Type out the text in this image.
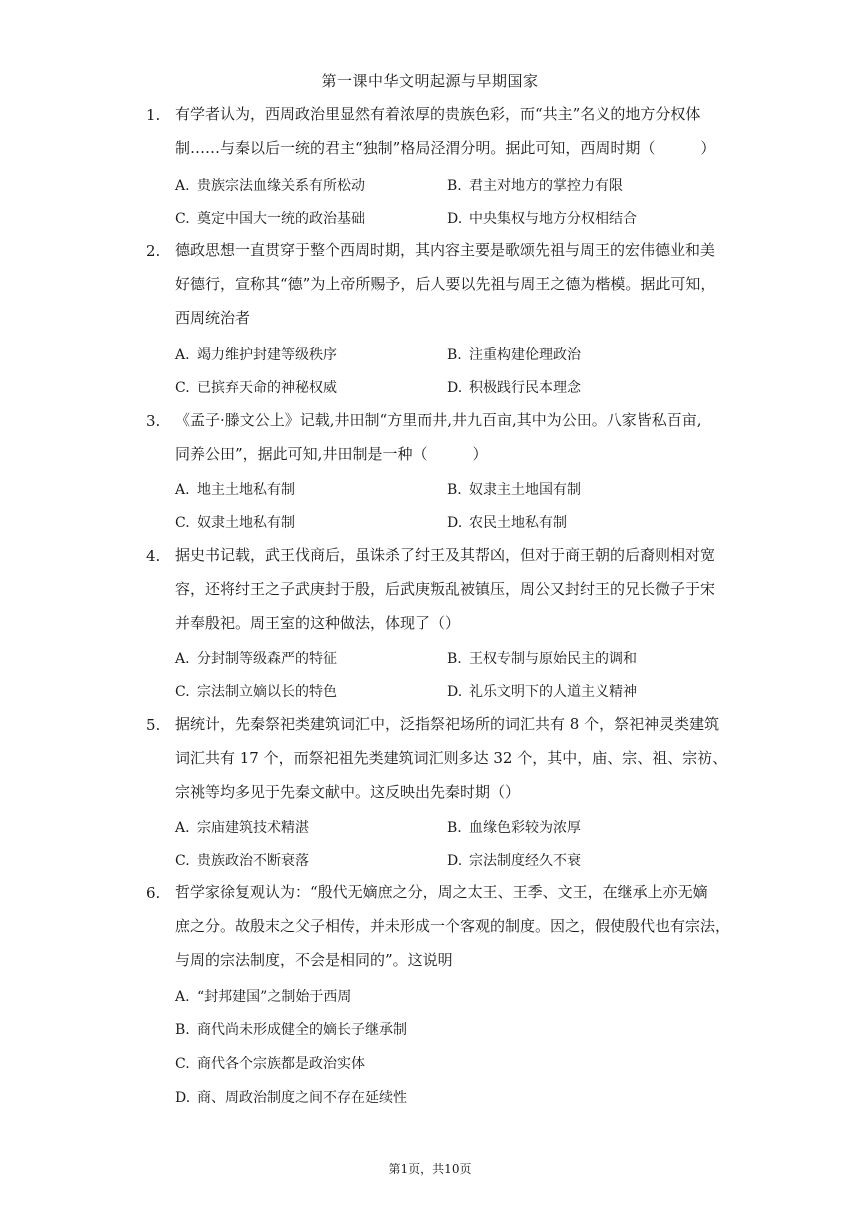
第一课中华文明起源与早期国家
1. 有学者认为，西周政治里显然有着浓厚的贵族色彩，而“共主”名义的地方分权体
制……与秦以后一统的君主“独制”格局泾渭分明。据此可知，西周时期（　　　）
A. 贵族宗法血缘关系有所松动	B. 君主对地方的掌控力有限
C. 奠定中国大一统的政治基础	D. 中央集权与地方分权相结合
2. 德政思想一直贯穿于整个西周时期，其内容主要是歌颂先祖与周王的宏伟德业和美
好德行，宣称其“德”为上帝所赐予，后人要以先祖与周王之德为楷模。据此可知，
西周统治者
A. 竭力维护封建等级秩序	B. 注重构建伦理政治
C. 已摈弃天命的神秘权威	D. 积极践行民本理念
3. 《孟子·滕文公上》记载,井田制“方里而井,井九百亩,其中为公田。八家皆私百亩,
同养公田”，据此可知,井田制是一种（　　　）
A. 地主土地私有制	B. 奴隶主土地国有制
C. 奴隶土地私有制	D. 农民土地私有制
4. 据史书记载，武王伐商后，虽诛杀了纣王及其帮凶，但对于商王朝的后裔则相对宽
容，还将纣王之子武庚封于殷，后武庚叛乱被镇压，周公又封纣王的兄长微子于宋
并奉殷祀。周王室的这种做法，体现了（）
A. 分封制等级森严的特征	B. 王权专制与原始民主的调和
C. 宗法制立嫡以长的特色	D. 礼乐文明下的人道主义精神
5. 据统计，先秦祭祀类建筑词汇中，泛指祭祀场所的词汇共有 8 个，祭祀神灵类建筑
词汇共有 17 个，而祭祀祖先类建筑词汇则多达 32 个，其中，庙、宗、祖、宗祊、
宗祧等均多见于先秦文献中。这反映出先秦时期（）
A. 宗庙建筑技术精湛	B. 血缘色彩较为浓厚
C. 贵族政治不断衰落	D. 宗法制度经久不衰
6. 哲学家徐复观认为：“殷代无嫡庶之分，周之太王、王季、文王，在继承上亦无嫡
庶之分。故殷末之父子相传，并未形成一个客观的制度。因之，假使殷代也有宗法，
与周的宗法制度，不会是相同的”。这说明
A. “封邦建国”之制始于西周
B. 商代尚未形成健全的嫡长子继承制
C. 商代各个宗族都是政治实体
D. 商、周政治制度之间不存在延续性
第1页，共10页
